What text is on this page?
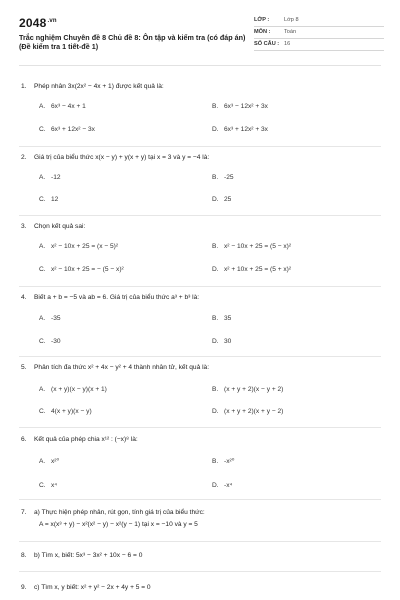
$2048^{.vn}$
Trắc nghiệm Chuyên đề 8 Chủ đề 8: Ôn tập và kiểm tra (có đáp án) (Đề kiểm tra 1 tiết-đề 1)
LỚP :	Lớp 8
MÔN : Toán
SỐ CÂU : 16
1. Phép nhân 3x(2x² − 4x + 1) được kết quả là:
A. 6x³ − 4x + 1	B. 6x³ − 12x² + 3x
C. 6x³ + 12x² − 3x	D. 6x³ + 12x² + 3x
2. Giá trị của biểu thức x(x − y) + y(x + y) tại x = 3 và y = −4 là:
A. -12	B. -25
C. 12	D. 25
3. Chọn kết quả sai:
A. x² − 10x + 25 = (x − 5)²	B. x² − 10x + 25 = (5 − x)²
C. x² − 10x + 25 = − (5 − x)²	D. x² + 10x + 25 = (5 + x)²
4. Biết a + b = −5 và ab = 6. Giá trị của biểu thức a³ + b³ là:
A. -35	B. 35
C. -30	D. 30
5. Phân tích đa thức x² + 4x − y² + 4 thành nhân tử, kết quả là:
A. (x + y)(x − y)(x + 1)	B. (x + y + 2)(x − y + 2)
C. 4(x + y)(x − y)	D. (x + y + 2)(x + y − 2)
6. Kết quả của phép chia x¹² : (−x)⁸ là:
A. x²⁰	B. -x²⁰
C. x⁴	D. -x⁴
7. a) Thực hiện phép nhân, rút gọn, tính giá trị của biểu thức:
A = x(x³ + y) − x²(x² − y) − x²(y − 1) tại x = −10 và y = 5
8. b) Tìm x, biết: 5x³ − 3x² + 10x − 6 = 0
9. c) Tìm x, y biết: x² + y² − 2x + 4y + 5 = 0
